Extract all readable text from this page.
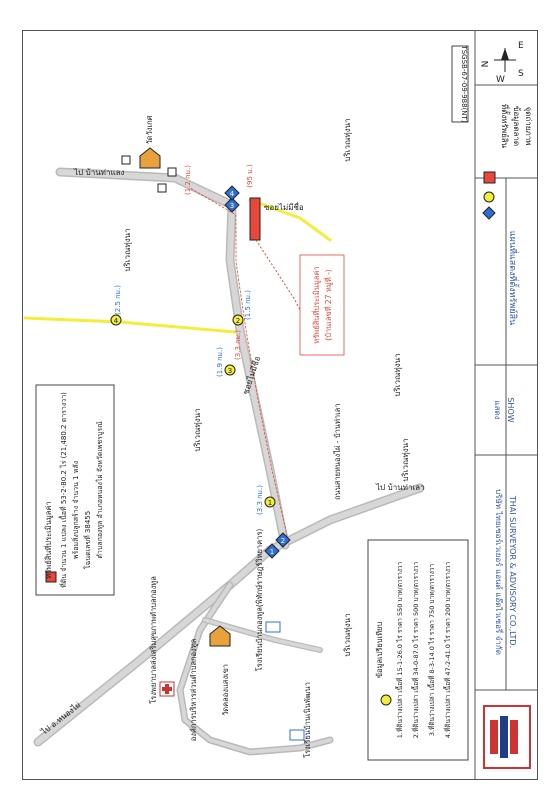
N
E
S
W
TSGSB-67-09-988(NT)
ที่ตั้งทรัพย์สิน ข้อมูลตลาด จุดถ่ายภาพ
แผนที่แสดงที่ตั้งทรัพย์สิน
แสดง SHOW
บริษัท ไทยเซอร์เวเยอร์ แอนด์ แอ๊ดไวเซอรี่ จำกัด THAI SURVEYOR & ADVISORY CO.,LTD.
ทรัพย์สินที่ประเมินมูลค่า (บ้านเลขที่ 27 หมู่ที่ -)
1
2
3
4
1
2
3
4
ไป บ้านท่าแลง
ไป บ้านท่าเลา
ไป อ.หนองไผ่
ซอยไม่มีชื่อ
ซอยไม่มีชื่อ
ถนนสายหนองไผ่ - บ้านท่าเลา
วัดวังเกศ
วัดคลองแสงเขา
โรงพยาบาลส่งเสริมสุขภาพตำบลกองทูล	องค์การบริหารส่วนตำบลกองทูล
โรงเรียนบ้านกองทูล(พิทักษ์ราษฎร์วิทยาคาร)
โรงเรียนบ้านเนินพัฒนา
บริเวณทุ่งนา
บริเวณทุ่งนา
บริเวณทุ่งนา
บริเวณทุ่งนา
บริเวณทุ่งนา
บริเวณทุ่งนา
(1.2 กม.)	(95 ม.)
(2.5 กม.)	(1.5 กม.)
(1.9 กม.)
(3.3 กม.)
(3.3 กม.)
ทรัพย์สินที่ประเมินมูลค่า	ที่ดิน จำนวน 1 แปลง เนื้อที่ 53-2-80.2 ไร่ (21,480.2 ตารางวา) พร้อมสิ่งปลูกสร้าง จำนวน 1 หลัง โฉนดเลขที่ 38455 ตำบลกองทูล อำเภอหนองไผ่ จังหวัดเพชรบูรณ์
ข้อมูลเปรียบเทียบ 1.ที่ดินว่างเปล่า เนื้อที่ 15-1-26.0 ไร่ ราคา 550 บาท/ตารางวา 2.ที่ดินว่างเปล่า เนื้อที่ 34-0-87.0 ไร่ ราคา 500 บาท/ตารางวา 3.ที่ดินว่างเปล่า เนื้อที่ 8-3-14.0 ไร่ ราคา 750 บาท/ตารางวา 4.ที่ดินว่างเปล่า เนื้อที่ 47-2-41.0 ไร่ ราคา 200 บาท/ตารางวา
